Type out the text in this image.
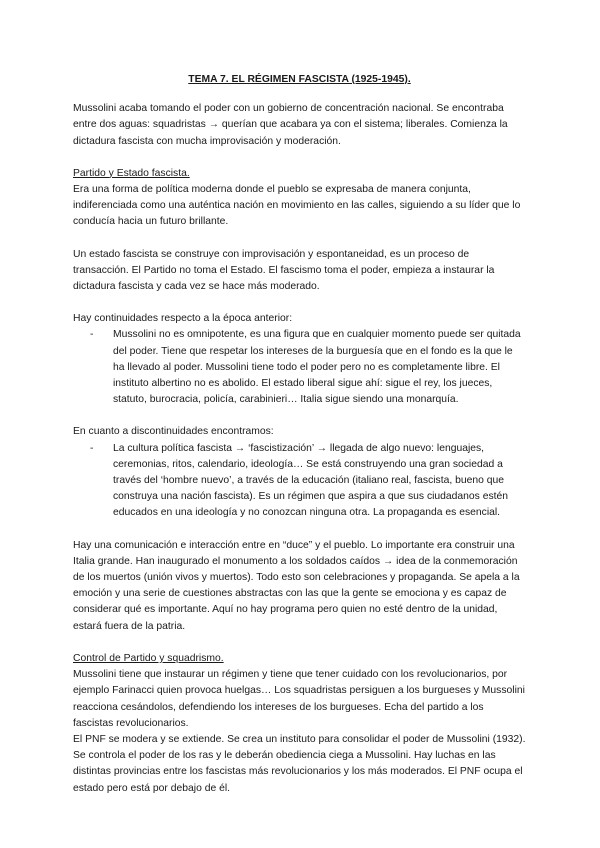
TEMA 7. EL RÉGIMEN FASCISTA (1925-1945).

Mussolini acaba tomando el poder con un gobierno de concentración nacional. Se encontraba entre dos aguas: squadristas → querían que acabara ya con el sistema; liberales. Comienza la dictadura fascista con mucha improvisación y moderación.

Partido y Estado fascista.

Era una forma de política moderna donde el pueblo se expresaba de manera conjunta, indiferenciada como una auténtica nación en movimiento en las calles, siguiendo a su líder que lo conducía hacia un futuro brillante.

Un estado fascista se construye con improvisación y espontaneidad, es un proceso de transacción. El Partido no toma el Estado. El fascismo toma el poder, empieza a instaurar la dictadura fascista y cada vez se hace más moderado.

Hay continuidades respecto a la época anterior:

- Mussolini no es omnipotente, es una figura que en cualquier momento puede ser quitada del poder. Tiene que respetar los intereses de la burguesía que en el fondo es la que le ha llevado al poder. Mussolini tiene todo el poder pero no es completamente libre. El instituto albertino no es abolido. El estado liberal sigue ahí: sigue el rey, los jueces, statuto, burocracia, policía, carabinieri… Italia sigue siendo una monarquía.

En cuanto a discontinuidades encontramos:

- La cultura política fascista → ‘fascistización’ → llegada de algo nuevo: lenguajes, ceremonias, ritos, calendario, ideología… Se está construyendo una gran sociedad a través del ‘hombre nuevo’, a través de la educación (italiano real, fascista, bueno que construya una nación fascista). Es un régimen que aspira a que sus ciudadanos estén educados en una ideología y no conozcan ninguna otra. La propaganda es esencial.

Hay una comunicación e interacción entre en “duce” y el pueblo. Lo importante era construir una Italia grande. Han inaugurado el monumento a los soldados caídos → idea de la conmemoración de los muertos (unión vivos y muertos). Todo esto son celebraciones y propaganda. Se apela a la emoción y una serie de cuestiones abstractas con las que la gente se emociona y es capaz de considerar qué es importante. Aquí no hay programa pero quien no esté dentro de la unidad, estará fuera de la patria.

Control de Partido y squadrismo.

Mussolini tiene que instaurar un régimen y tiene que tener cuidado con los revolucionarios, por ejemplo Farinacci quien provoca huelgas… Los squadristas persiguen a los burgueses y Mussolini reacciona cesándolos, defendiendo los intereses de los burgueses. Echa del partido a los fascistas revolucionarios.

El PNF se modera y se extiende. Se crea un instituto para consolidar el poder de Mussolini (1932). Se controla el poder de los ras y le deberán obediencia ciega a Mussolini. Hay luchas en las distintas provincias entre los fascistas más revolucionarios y los más moderados. El PNF ocupa el estado pero está por debajo de él.
